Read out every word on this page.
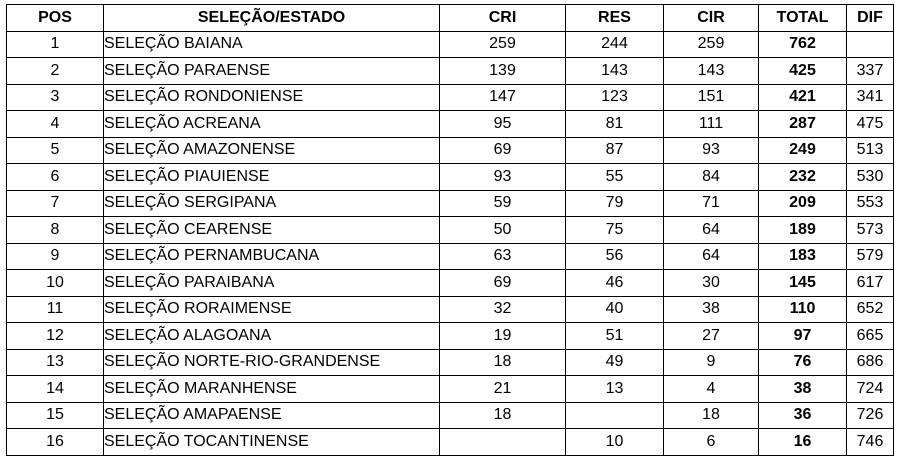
POS	SELEÇÃO/ESTADO	CRI	RES	CIR	TOTAL	DIF
1	SELEÇÃO BAIANA	259	244	259	762	
2	SELEÇÃO PARAENSE	139	143	143	425	337
3	SELEÇÃO RONDONIENSE	147	123	151	421	341
4	SELEÇÃO ACREANA	95	81	111	287	475
5	SELEÇÃO AMAZONENSE	69	87	93	249	513
6	SELEÇÃO PIAUIENSE	93	55	84	232	530
7	SELEÇÃO SERGIPANA	59	79	71	209	553
8	SELEÇÃO CEARENSE	50	75	64	189	573
9	SELEÇÃO PERNAMBUCANA	63	56	64	183	579
10	SELEÇÃO PARAIBANA	69	46	30	145	617
11	SELEÇÃO RORAIMENSE	32	40	38	110	652
12	SELEÇÃO ALAGOANA	19	51	27	97	665
13	SELEÇÃO NORTE-RIO-GRANDENSE	18	49	9	76	686
14	SELEÇÃO MARANHENSE	21	13	4	38	724
15	SELEÇÃO AMAPAENSE	18		18	36	726
16	SELEÇÃO TOCANTINENSE		10	6	16	746
